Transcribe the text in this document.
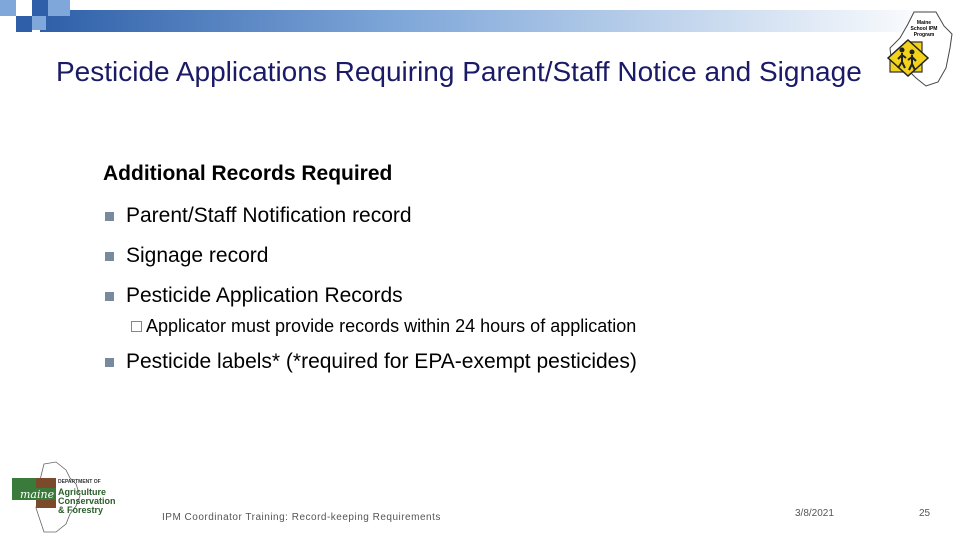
Maine
School IPM
Program
Pesticide Applications Requiring Parent/Staff Notice and Signage
Additional Records Required
Parent/Staff Notification record
Signage record
Pesticide Application Records
Applicator must provide records within 24 hours of application
Pesticide labels* (*required for EPA-exempt pesticides)
maine
DEPARTMENT OF
Agriculture
Conservation
& Forestry
IPM Coordinator Training: Record-keeping Requirements	3/8/2021	25
